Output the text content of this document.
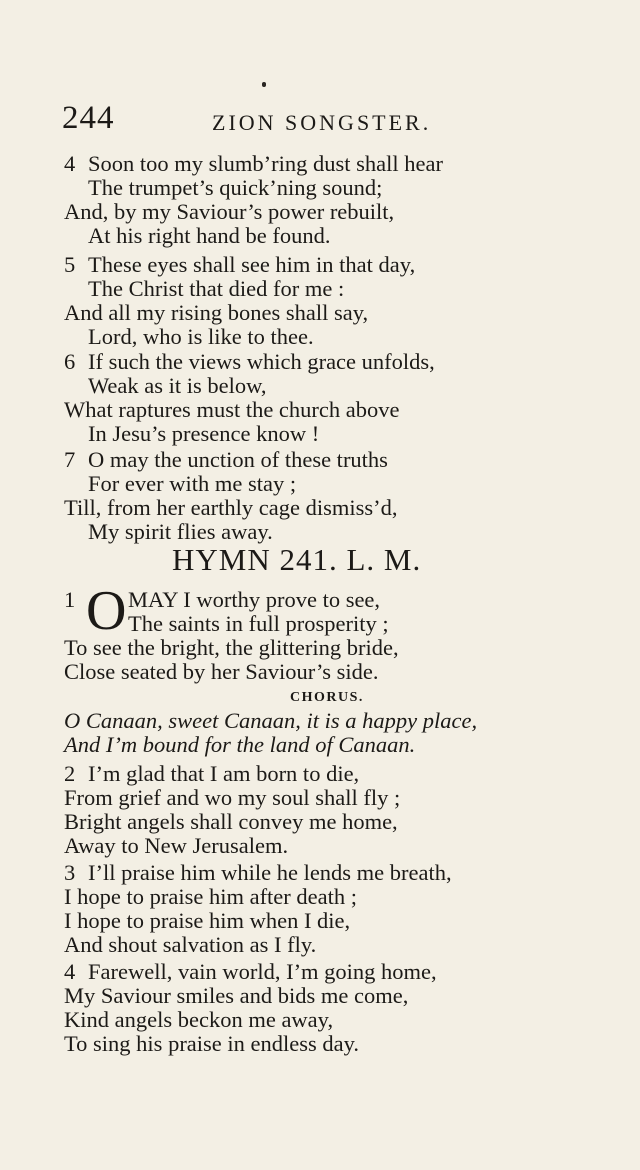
244	ZION SONGSTER.
4 Soon too my slumb’ring dust shall hear
The trumpet’s quick’ning sound;
And, by my Saviour’s power rebuilt,
At his right hand be found.
5 These eyes shall see him in that day,
The Christ that died for me :
And all my rising bones shall say,
Lord, who is like to thee.
6 If such the views which grace unfolds,
Weak as it is below,
What raptures must the church above
In Jesu’s presence know !
7 O may the unction of these truths
For ever with me stay ;
Till, from her earthly cage dismiss’d,
My spirit flies away.
HYMN 241. L. M.
1 O MAY I worthy prove to see,
The saints in full prosperity ;
To see the bright, the glittering bride,
Close seated by her Saviour’s side.
CHORUS.
O Canaan, sweet Canaan, it is a happy place,
And I’m bound for the land of Canaan.
2 I’m glad that I am born to die,
From grief and wo my soul shall fly ;
Bright angels shall convey me home,
Away to New Jerusalem.
3 I’ll praise him while he lends me breath,
I hope to praise him after death ;
I hope to praise him when I die,
And shout salvation as I fly.
4 Farewell, vain world, I’m going home,
My Saviour smiles and bids me come,
Kind angels beckon me away,
To sing his praise in endless day.
